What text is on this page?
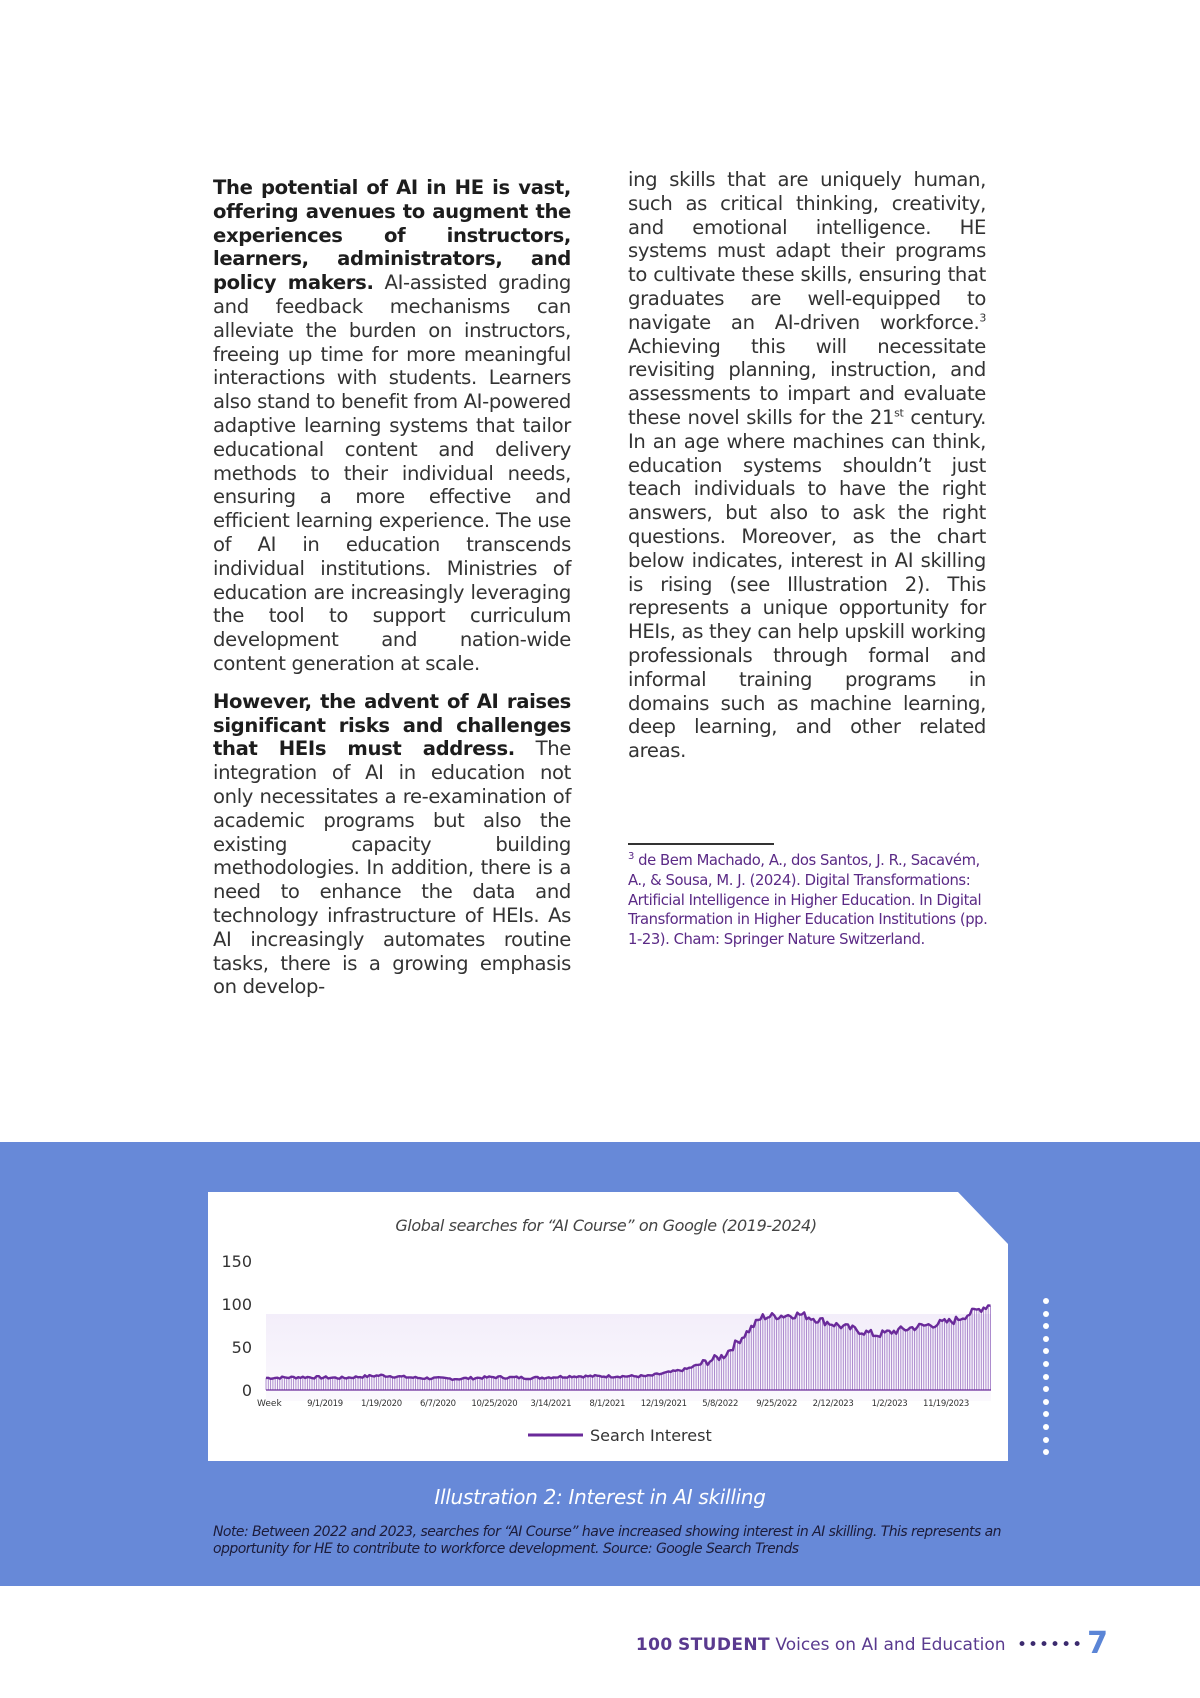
The potential of AI in HE is vast, offering avenues to augment the experiences of instructors, learners, administrators, and policy makers. AI-assisted grading and feedback mechanisms can alleviate the burden on instructors, freeing up time for more meaningful interactions with students. Learners also stand to benefit from AI-powered adaptive learning systems that tailor educational content and delivery methods to their individual needs, ensuring a more effective and efficient learning experience. The use of AI in education transcends individual institutions. Ministries of education are increasingly leveraging the tool to support curriculum development and nation-wide content generation at scale.

However, the advent of AI raises significant risks and challenges that HEIs must address. The integration of AI in education not only necessitates a re-examination of academic programs but also the existing capacity building methodologies. In addition, there is a need to enhance the data and technology infrastructure of HEIs. As AI increasingly automates routine tasks, there is a growing emphasis on develop-

ing skills that are uniquely human, such as critical thinking, creativity, and emotional intelligence. HE systems must adapt their programs to cultivate these skills, ensuring that graduates are well-equipped to navigate an AI-driven workforce.$^3$ Achieving this will necessitate revisiting planning, instruction, and assessments to impart and evaluate these novel skills for the 21st century. In an age where machines can think, education systems shouldn’t just teach individuals to have the right answers, but also to ask the right questions. Moreover, as the chart below indicates, interest in AI skilling is rising (see Illustration 2). This represents a unique opportunity for HEIs, as they can help upskill working professionals through formal and informal training programs in domains such as machine learning, deep learning, and other related areas.

$^3$ de Bem Machado, A., dos Santos, J. R., Sacavém, A., & Sousa, M. J. (2024). Digital Transformations: Artificial Intelligence in Higher Education. In Digital Transformation in Higher Education Institutions (pp. 1-23). Cham: Springer Nature Switzerland.
Global searches for “AI Course” on Google (2019-2024)
0
50
100
150
Week	9/1/2019 1/19/2020 6/7/2020 10/25/2020 3/14/2021 8/1/2021 12/19/2021 5/8/2022 9/25/2022 2/12/2023 1/2/2023 11/19/2023
Search Interest
Illustration 2: Interest in AI skilling
Note: Between 2022 and 2023, searches for “AI Course” have increased showing interest in AI skilling. This represents an opportunity for HE to contribute to workforce development. Source: Google Search Trends
100 STUDENT Voices on AI and Education •••••• 7
